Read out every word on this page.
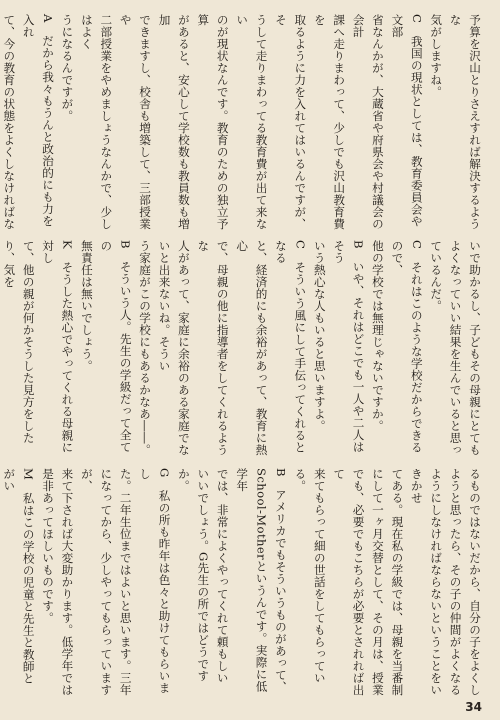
予算を沢山とりさえすれば解決するような
気がしますね。
C　我国の現状としては、教育委員会や文部
省なんかが、大蔵省や府県会や村議会の会計
課へ走りまわって、少しでも沢山教育費を
取るように力を入れてはいるんですが、そ
うして走りまわってる教育費が出て来ない
のが現状なんです。教育のための独立予算
があると、安心して学校数も教員数も増加
できますし、校舎も増築して、三部授業や
二部授業をやめましょうなんかで、少しはよく
うになるんですが。
A　だから我々もうんと政治的にも力を入れ
て、今の教育の状態をよくしなければな

いで助かるし、子どもその母親にとても
よくなっていい結果を生んでいると思っ
ているんだ。
C　それはこのような学校だからできるので、
他の学校では無理じゃないですか。
B　いや、それはどこでも一人や二人はそう
いう熱心な人もいると思いますよ。
C　そういう風にして手伝ってくれるとなる
と、経済的にも余裕があって、教育に熱心
で、母親の他に指導者をしてくれるような
人があって、家庭に余裕のある家庭でないと出来ないね。そうい
う家庭がこの学校にもあるかなあ――。
B　そういう人。先生の学級だって全ての
無責任は無いでしょう。
K　そうした熱心でやってくれる母親に対し
て、他の親が何かそうした見方をしたり、気を

るものではないだから、自分の子をよくし
ようと思ったら、その子の仲間がよくなる
ようにしなければならないということをいきかせ
てある。現在私の学級では、母親を当番制
にして一ヶ月交替として、その月は、授業
でも、必要でもこちらが必要とされれば出て
来てもらって細の世話をしてもらっている。
B　アメリカでもそういうものがあって、
School-Motherというんです。実際に低学年
では、非常によくやってくれて頼もしい
いいでしょう。G先生の所ではどうです
か。
G　私の所も昨年は色々と助けてもらいまし
た。二年生位まではよいと思います。三年
になってから、少しやってもらっていますが、
来て下されば大変助かります。低学年では
是非あってほしいものです。
M　私はこの学校の児童と先生と教師とがい

34
